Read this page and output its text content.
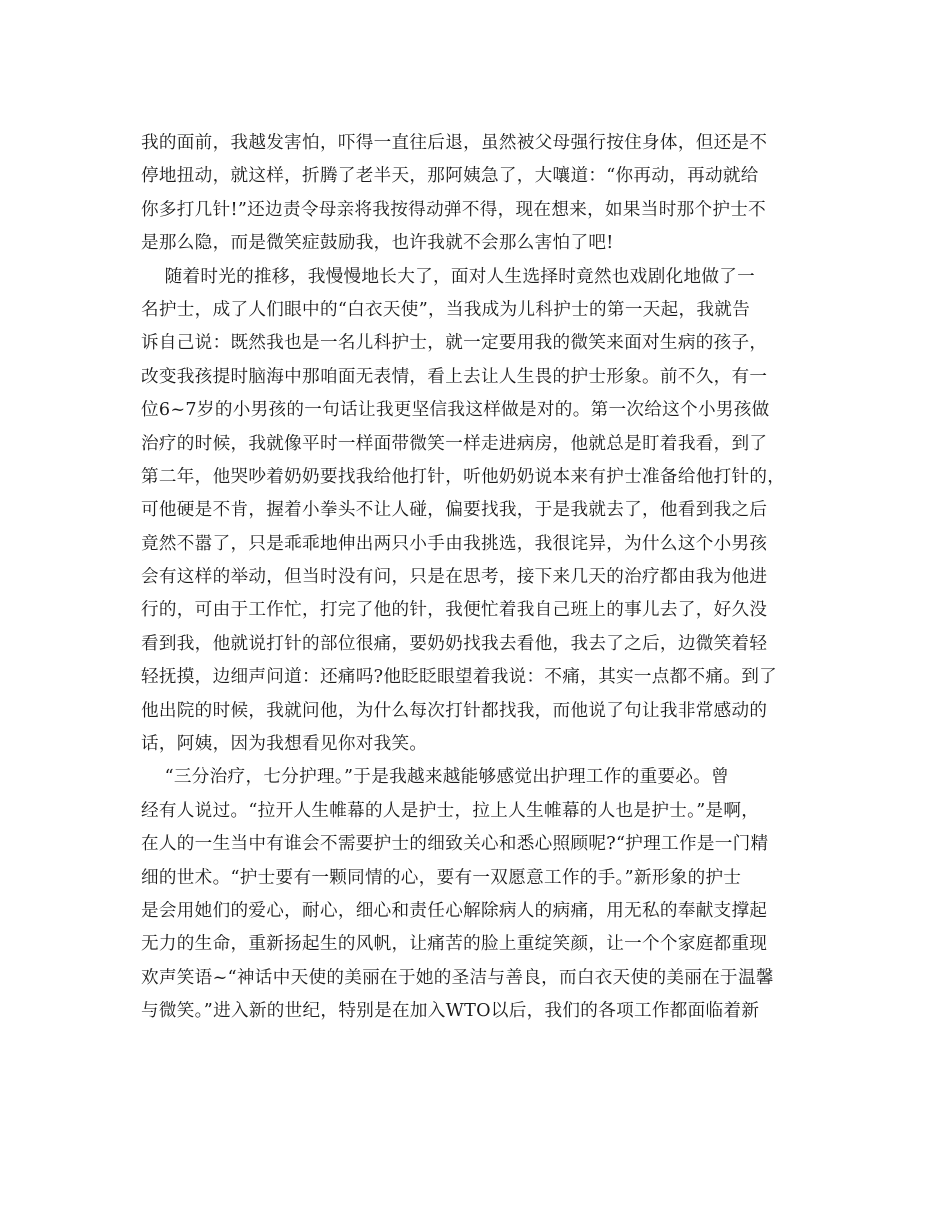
我的面前，我越发害怕，吓得一直往后退，虽然被父母强行按住身体，但还是不
停地扭动，就这样，折腾了老半天，那阿姨急了，大嚷道：“你再动，再动就给
你多打几针!”还边责令母亲将我按得动弹不得，现在想来，如果当时那个护士不
是那么隐，而是微笑症鼓励我，也许我就不会那么害怕了吧!
随着时光的推移，我慢慢地长大了，面对人生选择时竟然也戏剧化地做了一
名护士，成了人们眼中的“白衣天使”，当我成为儿科护士的第一天起，我就告
诉自己说：既然我也是一名儿科护士，就一定要用我的微笑来面对生病的孩子，
改变我孩提时脑海中那咱面无表情，看上去让人生畏的护士形象。前不久，有一
位6~7岁的小男孩的一句话让我更坚信我这样做是对的。第一次给这个小男孩做
治疗的时候，我就像平时一样面带微笑一样走进病房，他就总是盯着我看，到了
第二年，他哭吵着奶奶要找我给他打针，听他奶奶说本来有护士准备给他打针的，
可他硬是不肯，握着小拳头不让人碰，偏要找我，于是我就去了，他看到我之后
竟然不嚣了，只是乖乖地伸出两只小手由我挑选，我很诧异，为什么这个小男孩
会有这样的举动，但当时没有问，只是在思考，接下来几天的治疗都由我为他进
行的，可由于工作忙，打完了他的针，我便忙着我自己班上的事儿去了，好久没
看到我，他就说打针的部位很痛，要奶奶找我去看他，我去了之后，边微笑着轻
轻抚摸，边细声问道：还痛吗?他眨眨眼望着我说：不痛，其实一点都不痛。到了
他出院的时候，我就问他，为什么每次打针都找我，而他说了句让我非常感动的
话，阿姨，因为我想看见你对我笑。
“三分治疗，七分护理。”于是我越来越能够感觉出护理工作的重要必。曾
经有人说过。“拉开人生帷幕的人是护士，拉上人生帷幕的人也是护士。”是啊，
在人的一生当中有谁会不需要护士的细致关心和悉心照顾呢?“护理工作是一门精
细的世术。“护士要有一颗同情的心，要有一双愿意工作的手。”新形象的护士
是会用她们的爱心，耐心，细心和责任心解除病人的病痛，用无私的奉献支撑起
无力的生命，重新扬起生的风帆，让痛苦的脸上重绽笑颜，让一个个家庭都重现
欢声笑语~“神话中天使的美丽在于她的圣洁与善良，而白衣天使的美丽在于温馨
与微笑。”进入新的世纪，特别是在加入WTO以后，我们的各项工作都面临着新
